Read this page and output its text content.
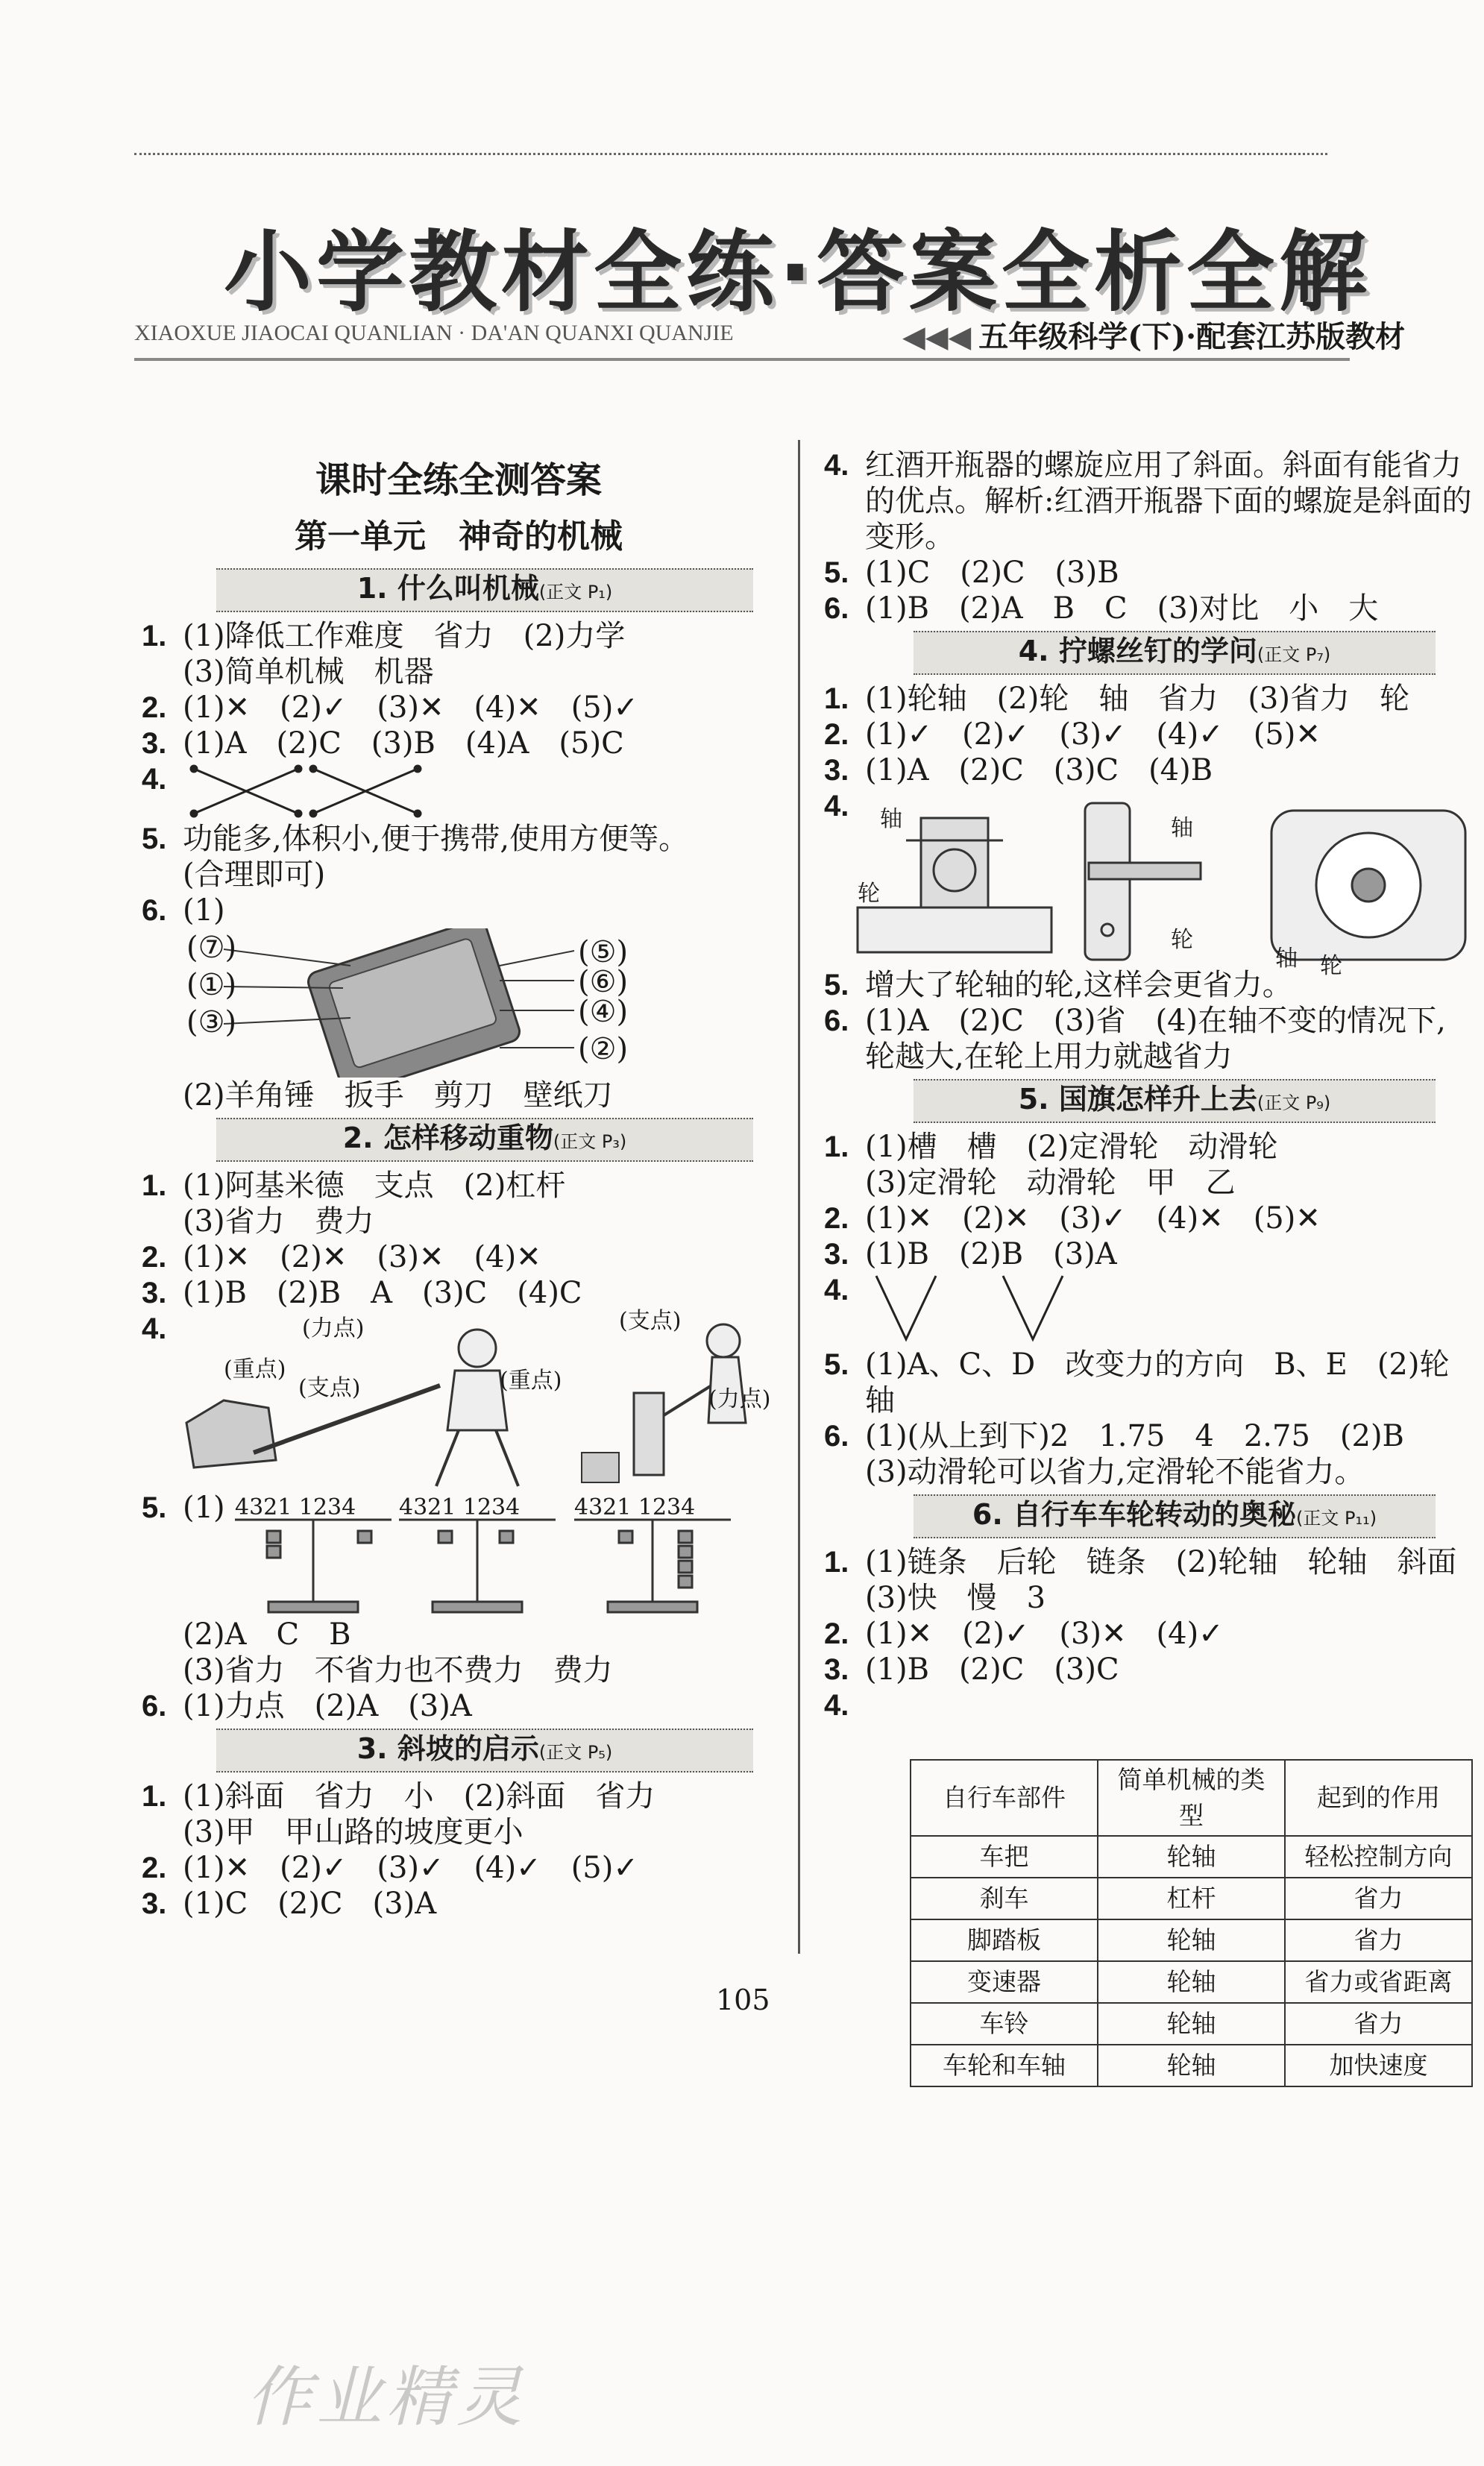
小学教材全练·答案全析全解
XIAOXUE JIAOCAI QUANLIAN · DA'AN QUANXI QUANJIE	◀◀◀ 五年级科学(下)·配套江苏版教材
课时全练全测答案
第一单元　神奇的机械
1. 什么叫机械(正文 P₁)
1. (1)降低工作难度　省力　(2)力学
(3)简单机械　机器
2. (1)✕　(2)✓　(3)✕　(4)✕　(5)✓
3. (1)A　(2)C　(3)B　(4)A　(5)C
4.

5. 功能多,体积小,便于携带,使用方便等。
(合理即可)
6. (1)
(⑦)
(①)
(③)
(⑤)
(⑥)
(④)
(②)
(2)羊角锤　扳手　剪刀　壁纸刀
2. 怎样移动重物(正文 P₃)
1. (1)阿基米德　支点　(2)杠杆
(3)省力　费力
2. (1)✕　(2)✕　(3)✕　(4)✕
3. (1)B　(2)B　A　(3)C　(4)C
4.

	(力点)

(重点)

(支点)

(支点)

(重点)

(力点)

5. (1)

4321 1234

4321 1234

4321 1234

(2)A　C　B
(3)省力　不省力也不费力　费力
6. (1)力点　(2)A　(3)A
3. 斜坡的启示(正文 P₅)
1. (1)斜面　省力　小　(2)斜面　省力
(3)甲　甲山路的坡度更小
2. (1)✕　(2)✓　(3)✓　(4)✓　(5)✓
3. (1)C　(2)C　(3)A
4. 红酒开瓶器的螺旋应用了斜面。斜面有能省力的优点。解析:红酒开瓶器下面的螺旋是斜面的变形。
5. (1)C　(2)C　(3)B
6. (1)B　(2)A　B　C　(3)对比　小　大
4. 拧螺丝钉的学问(正文 P₇)
1. (1)轮轴　(2)轮　轴　省力　(3)省力　轮
2. (1)✓　(2)✓　(3)✓　(4)✓　(5)✕
3. (1)A　(2)C　(3)C　(4)B
4.

轴

轮

轴

轮

轴

轮

5. 增大了轮轴的轮,这样会更省力。
6. (1)A　(2)C　(3)省　(4)在轴不变的情况下,轮越大,在轮上用力就越省力
5. 国旗怎样升上去(正文 P₉)
1. (1)槽　槽　(2)定滑轮　动滑轮
(3)定滑轮　动滑轮　甲　乙
2. (1)✕　(2)✕　(3)✓　(4)✕　(5)✕
3. (1)B　(2)B　(3)A
4.

5. (1)A、C、D　改变力的方向　B、E　(2)轮轴
6. (1)(从上到下)2　1.75　4　2.75　(2)B
(3)动滑轮可以省力,定滑轮不能省力。
6. 自行车车轮转动的奥秘(正文 P₁₁)
1. (1)链条　后轮　链条　(2)轮轴　轮轴　斜面
(3)快　慢　3
2. (1)✕　(2)✓　(3)✕　(4)✓
3. (1)B　(2)C　(3)C
4.

自行车部件	简单机械的类型	起到的作用
车把	轮轴	轻松控制方向
刹车	杠杆	省力
脚踏板	轮轴	省力
变速器	轮轴	省力或省距离
车铃	轮轴	省力
车轮和车轴	轮轴	加快速度

105
作业精灵
